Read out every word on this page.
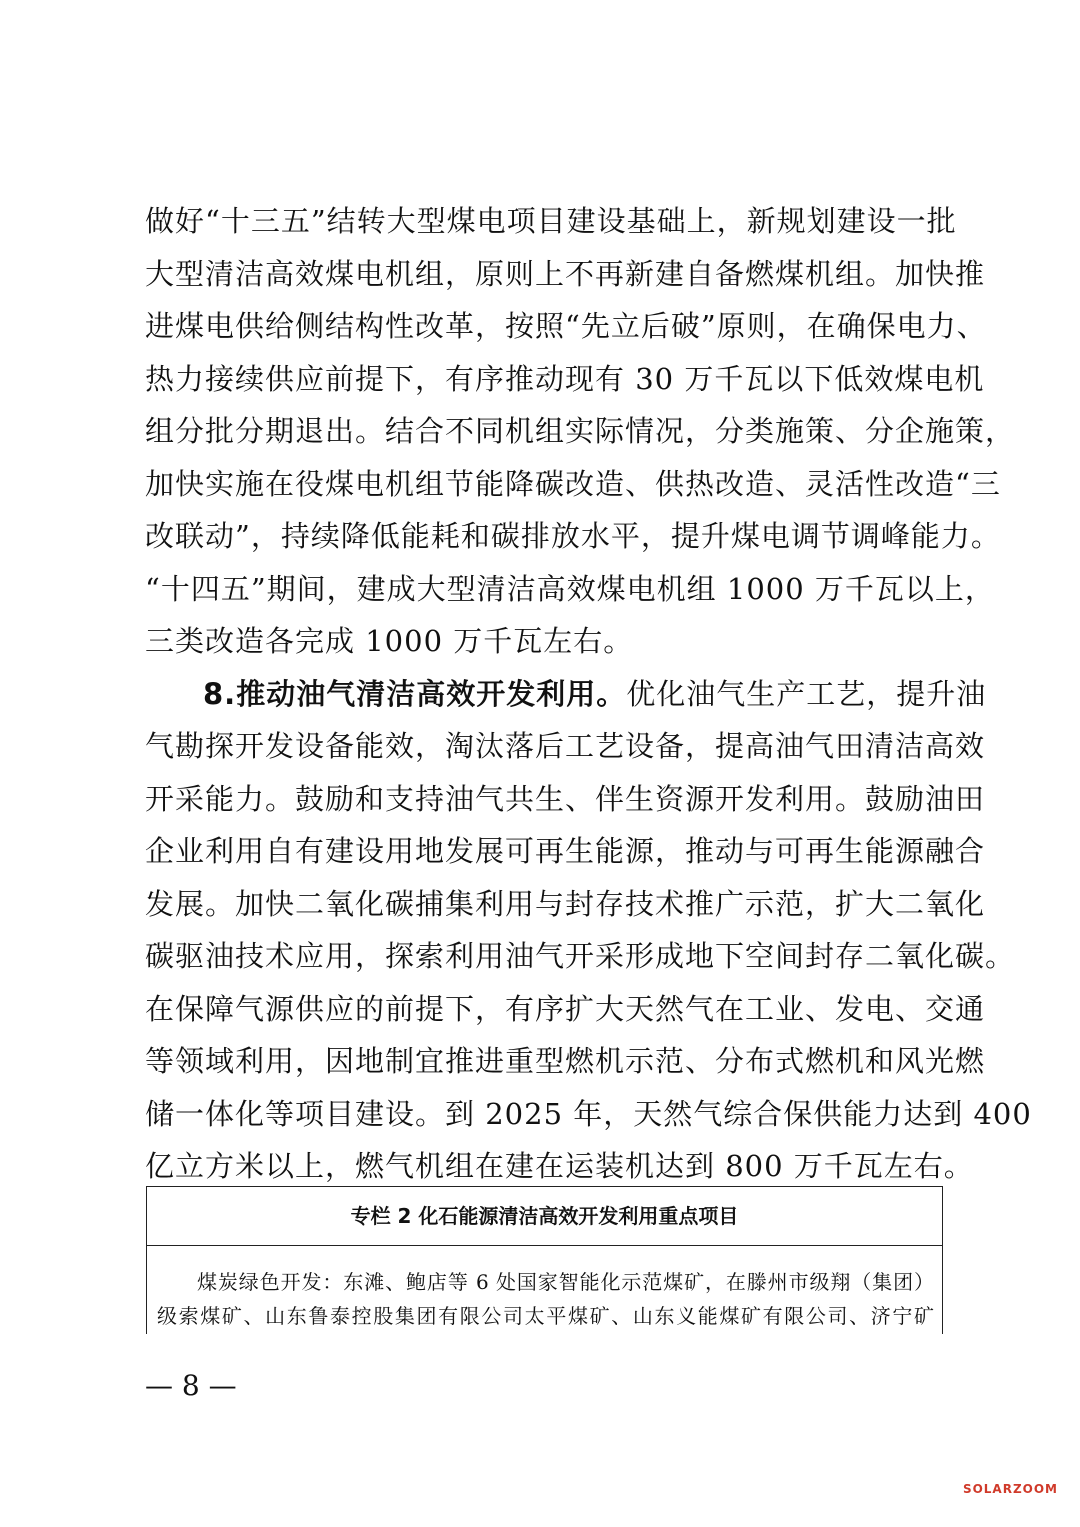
做好“十三五”结转大型煤电项目建设基础上，新规划建设一批
大型清洁高效煤电机组，原则上不再新建自备燃煤机组。加快推
进煤电供给侧结构性改革，按照“先立后破”原则，在确保电力、
热力接续供应前提下，有序推动现有 30 万千瓦以下低效煤电机
组分批分期退出。结合不同机组实际情况，分类施策、分企施策，
加快实施在役煤电机组节能降碳改造、供热改造、灵活性改造“三
改联动”，持续降低能耗和碳排放水平，提升煤电调节调峰能力。
“十四五”期间，建成大型清洁高效煤电机组 1000 万千瓦以上，
三类改造各完成 1000 万千瓦左右。
8.推动油气清洁高效开发利用。优化油气生产工艺，提升油
气勘探开发设备能效，淘汰落后工艺设备，提高油气田清洁高效
开采能力。鼓励和支持油气共生、伴生资源开发利用。鼓励油田
企业利用自有建设用地发展可再生能源，推动与可再生能源融合
发展。加快二氧化碳捕集利用与封存技术推广示范，扩大二氧化
碳驱油技术应用，探索利用油气开采形成地下空间封存二氧化碳。
在保障气源供应的前提下，有序扩大天然气在工业、发电、交通
等领域利用，因地制宜推进重型燃机示范、分布式燃机和风光燃
储一体化等项目建设。到 2025 年，天然气综合保供能力达到 400
亿立方米以上，燃气机组在建在运装机达到 800 万千瓦左右。
专栏 2 化石能源清洁高效开发利用重点项目
煤炭绿色开发：东滩、鲍店等 6 处国家智能化示范煤矿，在滕州市级翔（集团）
级索煤矿、山东鲁泰控股集团有限公司太平煤矿、山东义能煤矿有限公司、济宁矿
— 8 —
SOLARZOOM
